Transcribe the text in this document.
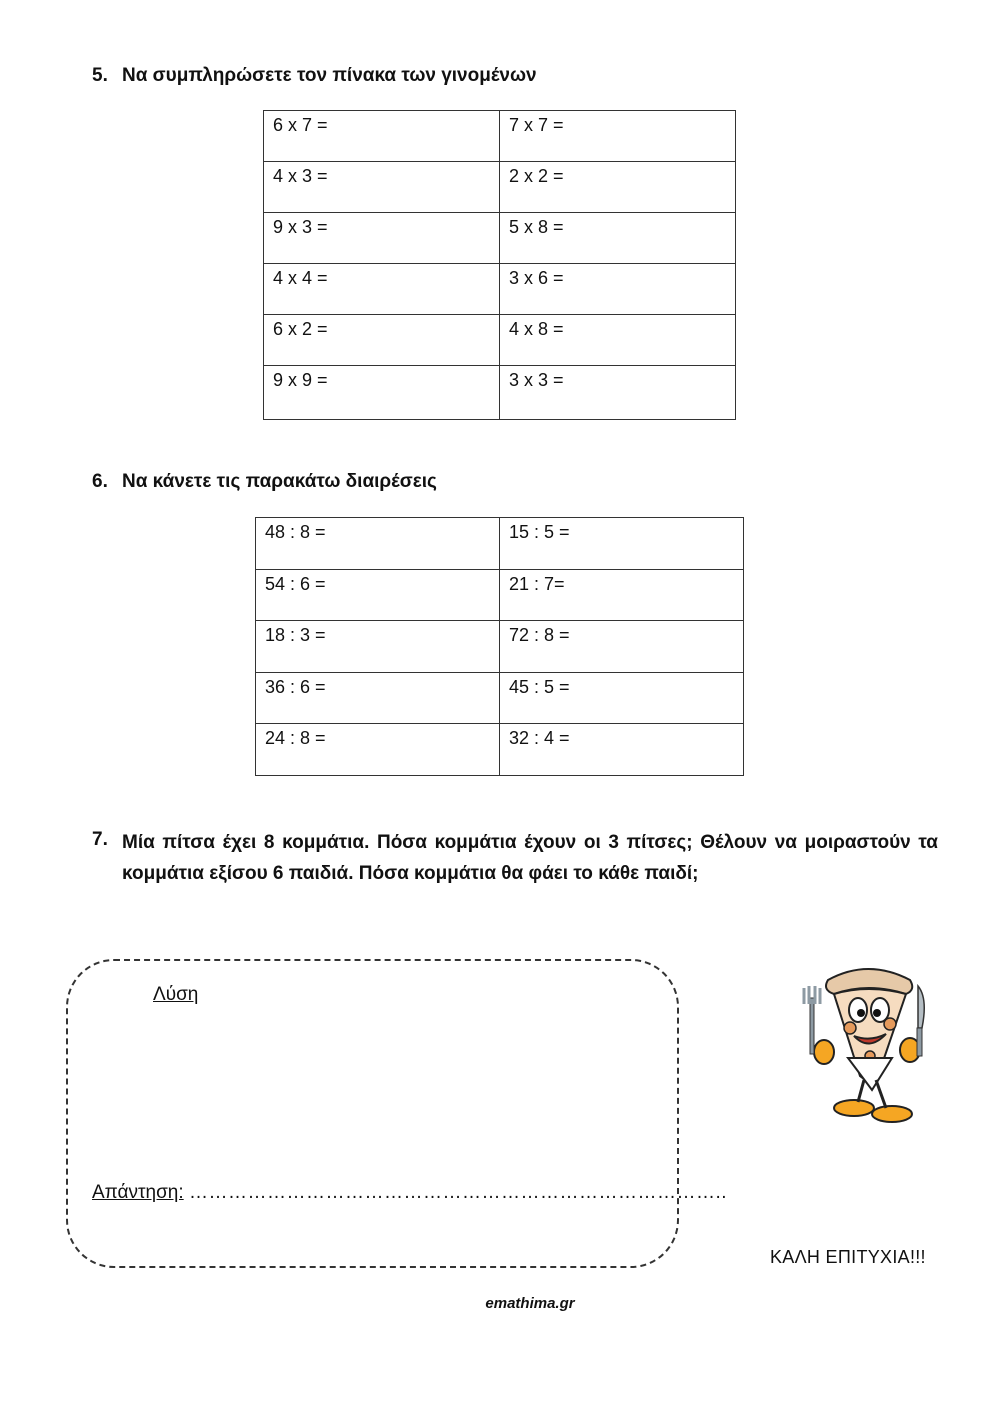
5. Να συμπληρώσετε τον πίνακα των γινομένων
6 x 7 =	7 x 7 =
4 x 3 =	2 x 2 =
9 x 3 =	5 x 8 =
4 x 4 =	3 x 6 =
6 x 2 =	4 x 8 =
9 x 9 =	3 x 3 =
6. Να κάνετε τις παρακάτω διαιρέσεις
48 : 8 =	15 : 5 =
54 : 6 =	21 : 7=
18 : 3 =	72 : 8 =
36 : 6 =	45 : 5 =
24 : 8 =	32 : 4 =
7. Μία πίτσα έχει 8 κομμάτια. Πόσα κομμάτια έχουν οι 3 πίτσες; Θέλουν να μοιραστούν τα κομμάτια εξίσου 6 παιδιά. Πόσα κομμάτια θα φάει το κάθε παιδί;
Λύση
Απάντηση: ………………………………………………………………………..
ΚΑΛΗ ΕΠΙΤΥΧΙΑ!!!
emathima.gr
